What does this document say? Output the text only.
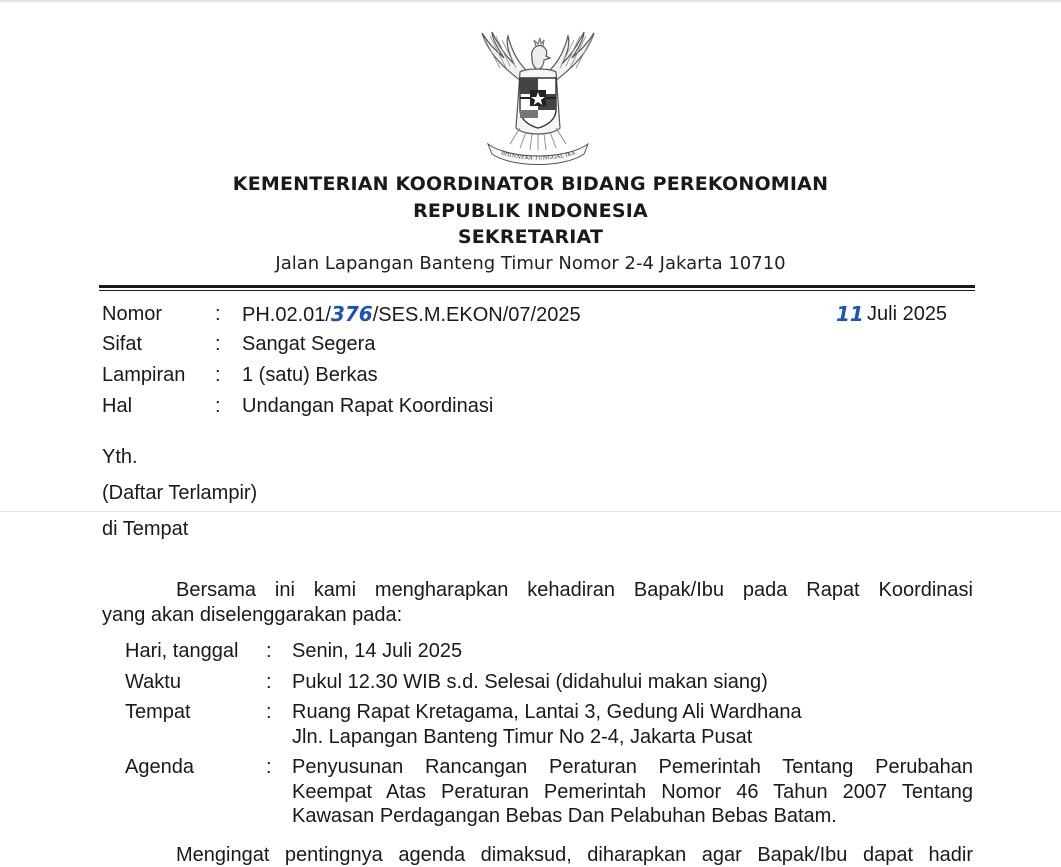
BHINNEKA TUNGGAL IKA
KEMENTERIAN KOORDINATOR BIDANG PEREKONOMIAN
REPUBLIK INDONESIA
SEKRETARIAT
Jalan Lapangan Banteng Timur Nomor 2-4 Jakarta 10710
Nomor	: PH.02.01/376/SES.M.EKON/07/2025	11 Juli 2025
Sifat	: Sangat Segera
Lampiran : 1 (satu) Berkas
Hal	: Undangan Rapat Koordinasi
Yth.
(Daftar Terlampir)
di Tempat
Bersama ini kami mengharapkan kehadiran Bapak/Ibu pada Rapat Koordinasi
yang akan diselenggarakan pada:
Hari, tanggal : Senin, 14 Juli 2025
Waktu	: Pukul 12.30 WIB s.d. Selesai (didahului makan siang)
Tempat	: Ruang Rapat Kretagama, Lantai 3, Gedung Ali Wardhana
Jln. Lapangan Banteng Timur No 2-4, Jakarta Pusat
Agenda	: Penyusunan Rancangan Peraturan Pemerintah Tentang Perubahan
Keempat Atas Peraturan Pemerintah Nomor 46 Tahun 2007 Tentang
Kawasan Perdagangan Bebas Dan Pelabuhan Bebas Batam.
Mengingat pentingnya agenda dimaksud, diharapkan agar Bapak/Ibu dapat hadir
